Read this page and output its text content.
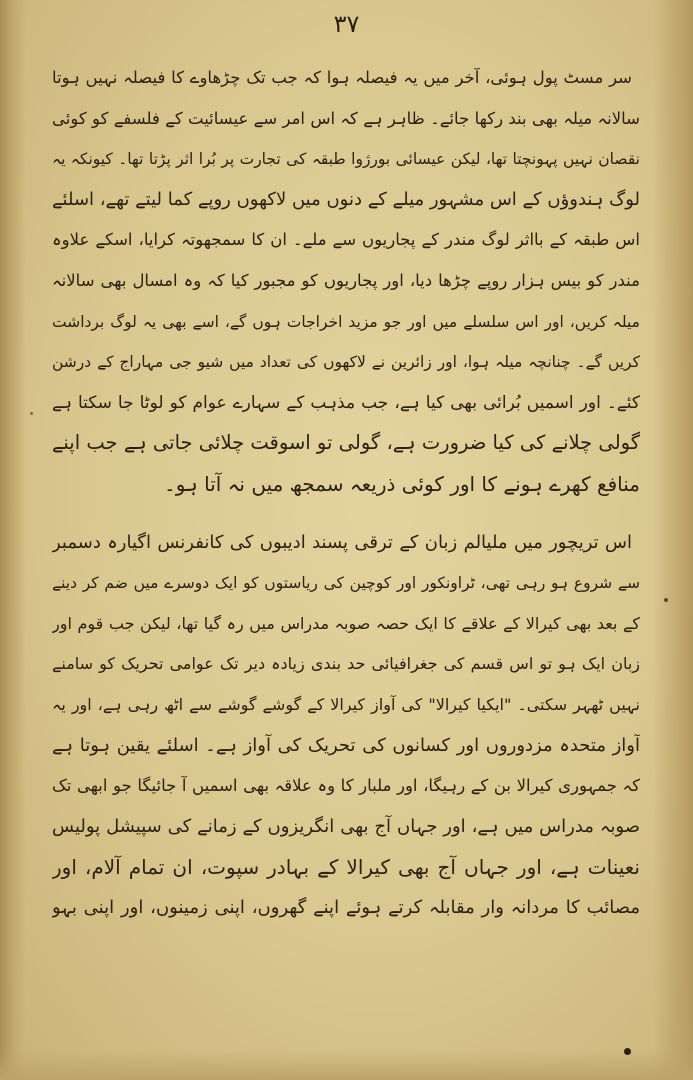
۳۷
سر مسٹ پول ہوئی، آخر میں یہ فیصلہ ہوا کہ جب تک چڑھاوے کا فیصلہ نہیں ہوتا
سالانہ میلہ بھی بند رکھا جائے۔ ظاہر ہے کہ اس امر سے عیسائیت کے فلسفے کو کوئی
نقصان نہیں پہونچتا تھا، لیکن عیسائی بورژوا طبقہ کی تجارت پر بُرا اثر پڑتا تھا۔ کیونکہ یہ
لوگ ہندوؤں کے اس مشہور میلے کے دنوں میں لاکھوں روپے کما لیتے تھے، اسلئے
اس طبقہ کے بااثر لوگ مندر کے پجاریوں سے ملے۔ ان کا سمجھوتہ کرایا، اسکے علاوہ
مندر کو بیس ہزار روپے چڑھا دیا، اور پجاریوں کو مجبور کیا کہ وہ امسال بھی سالانہ
میلہ کریں، اور اس سلسلے میں اور جو مزید اخراجات ہوں گے، اسے بھی یہ لوگ برداشت
کریں گے۔ چنانچہ میلہ ہوا، اور زائرین نے لاکھوں کی تعداد میں شیو جی مہاراج کے درشن
کئے۔ اور اسمیں بُرائی بھی کیا ہے، جب مذہب کے سہارے عوام کو لوٹا جا سکتا ہے
گولی چلانے کی کیا ضرورت ہے، گولی تو اسوقت چلائی جاتی ہے جب اپنے
منافع کھرے ہونے کا اور کوئی ذریعہ سمجھ میں نہ آتا ہو۔
اس تریچور میں ملیالم زبان کے ترقی پسند ادیبوں کی کانفرنس اگیارہ دسمبر
سے شروع ہو رہی تھی، ٹراونکور اور کوچین کی ریاستوں کو ایک دوسرے میں ضم کر دینے
کے بعد بھی کیرالا کے علاقے کا ایک حصہ صوبہ مدراس میں رہ گیا تھا، لیکن جب قوم اور
زبان ایک ہو تو اس قسم کی جغرافیائی حد بندی زیادہ دیر تک عوامی تحریک کو سامنے
نہیں ٹھہر سکتی۔ "ایکیا کیرالا" کی آواز کیرالا کے گوشے گوشے سے اٹھ رہی ہے، اور یہ
آواز متحدہ مزدوروں اور کسانوں کی تحریک کی آواز ہے۔ اسلئے یقین ہوتا ہے
کہ جمہوری کیرالا بن کے رہیگا، اور ملبار کا وہ علاقہ بھی اسمیں آ جائیگا جو ابھی تک
صوبہ مدراس میں ہے، اور جہاں آج بھی انگریزوں کے زمانے کی سپیشل پولیس
نعینات ہے، اور جہاں آج بھی کیرالا کے بہادر سپوت، ان تمام آلام، اور
مصائب کا مردانہ وار مقابلہ کرتے ہوئے اپنے گھروں، اپنی زمینوں، اور اپنی بہو
